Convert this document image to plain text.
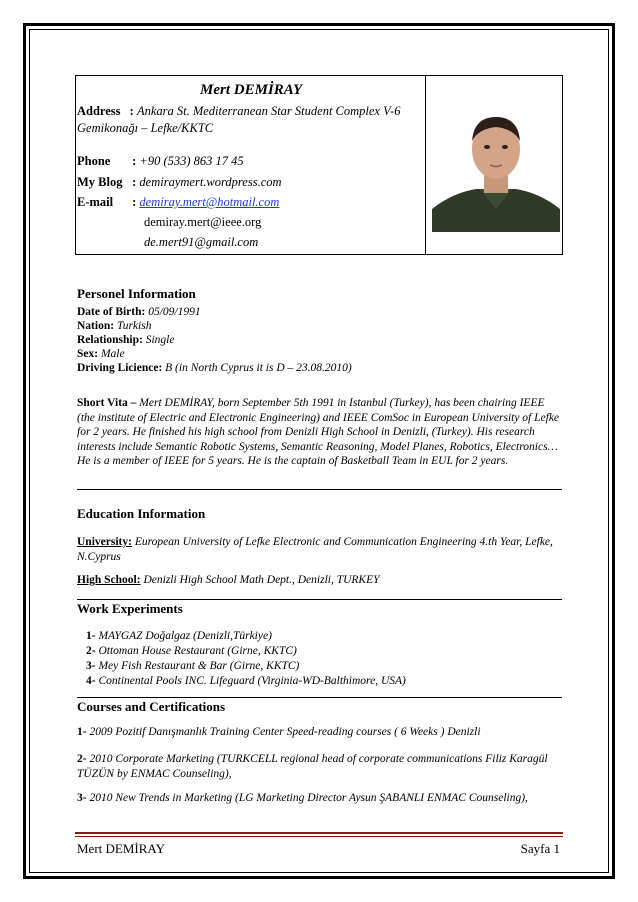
Mert DEMİRAY
Address : Ankara St. Mediterranean Star Student Complex V-6
Gemikonağı – Lefke/KKTC
Phone : +90 (533) 863 17 45
My Blog : demiraymert.wordpress.com
E-mail : demiray.mert@hotmail.com
demiray.mert@ieee.org
de.mert91@gmail.com
Personel Information
Date of Birth: 05/09/1991
Nation: Turkish
Relationship: Single
Sex: Male
Driving Licience: B (in North Cyprus it is D – 23.08.2010)
Short Vita – Mert DEMİRAY, born September 5th 1991 in Istanbul (Turkey), has been chairing IEEE (the institute of Electric and Electronic Engineering) and IEEE ComSoc in European University of Lefke for 2 years. He finished his high school from Denizli High School in Denizli, (Turkey). His research interests include Semantic Robotic Systems, Semantic Reasoning, Model Planes, Robotics, Electronics… He is a member of IEEE for 5 years. He is the captain of Basketball Team in EUL for 2 years.
Education Information
University: European University of Lefke Electronic and Communication Engineering 4.th Year, Lefke, N.Cyprus
High School: Denizli High School Math Dept., Denizli, TURKEY
Work Experiments
1- MAYGAZ Doğalgaz (Denizli,Türkiye)
2- Ottoman House Restaurant (Girne, KKTC)
3- Mey Fish Restaurant & Bar (Girne, KKTC)
4- Continental Pools INC. Lifeguard (Virginia-WD-Balthimore, USA)
Courses and Certifications
1- 2009 Pozitif Danışmanlık Training Center Speed-reading courses ( 6 Weeks ) Denizli
2- 2010 Corporate Marketing (TURKCELL regional head of corporate communications Filiz Karagül TÜZÜN by ENMAC Counseling),
3- 2010 New Trends in Marketing (LG Marketing Director Aysun ŞABANLI ENMAC Counseling),
Mert DEMİRAY	Sayfa 1
